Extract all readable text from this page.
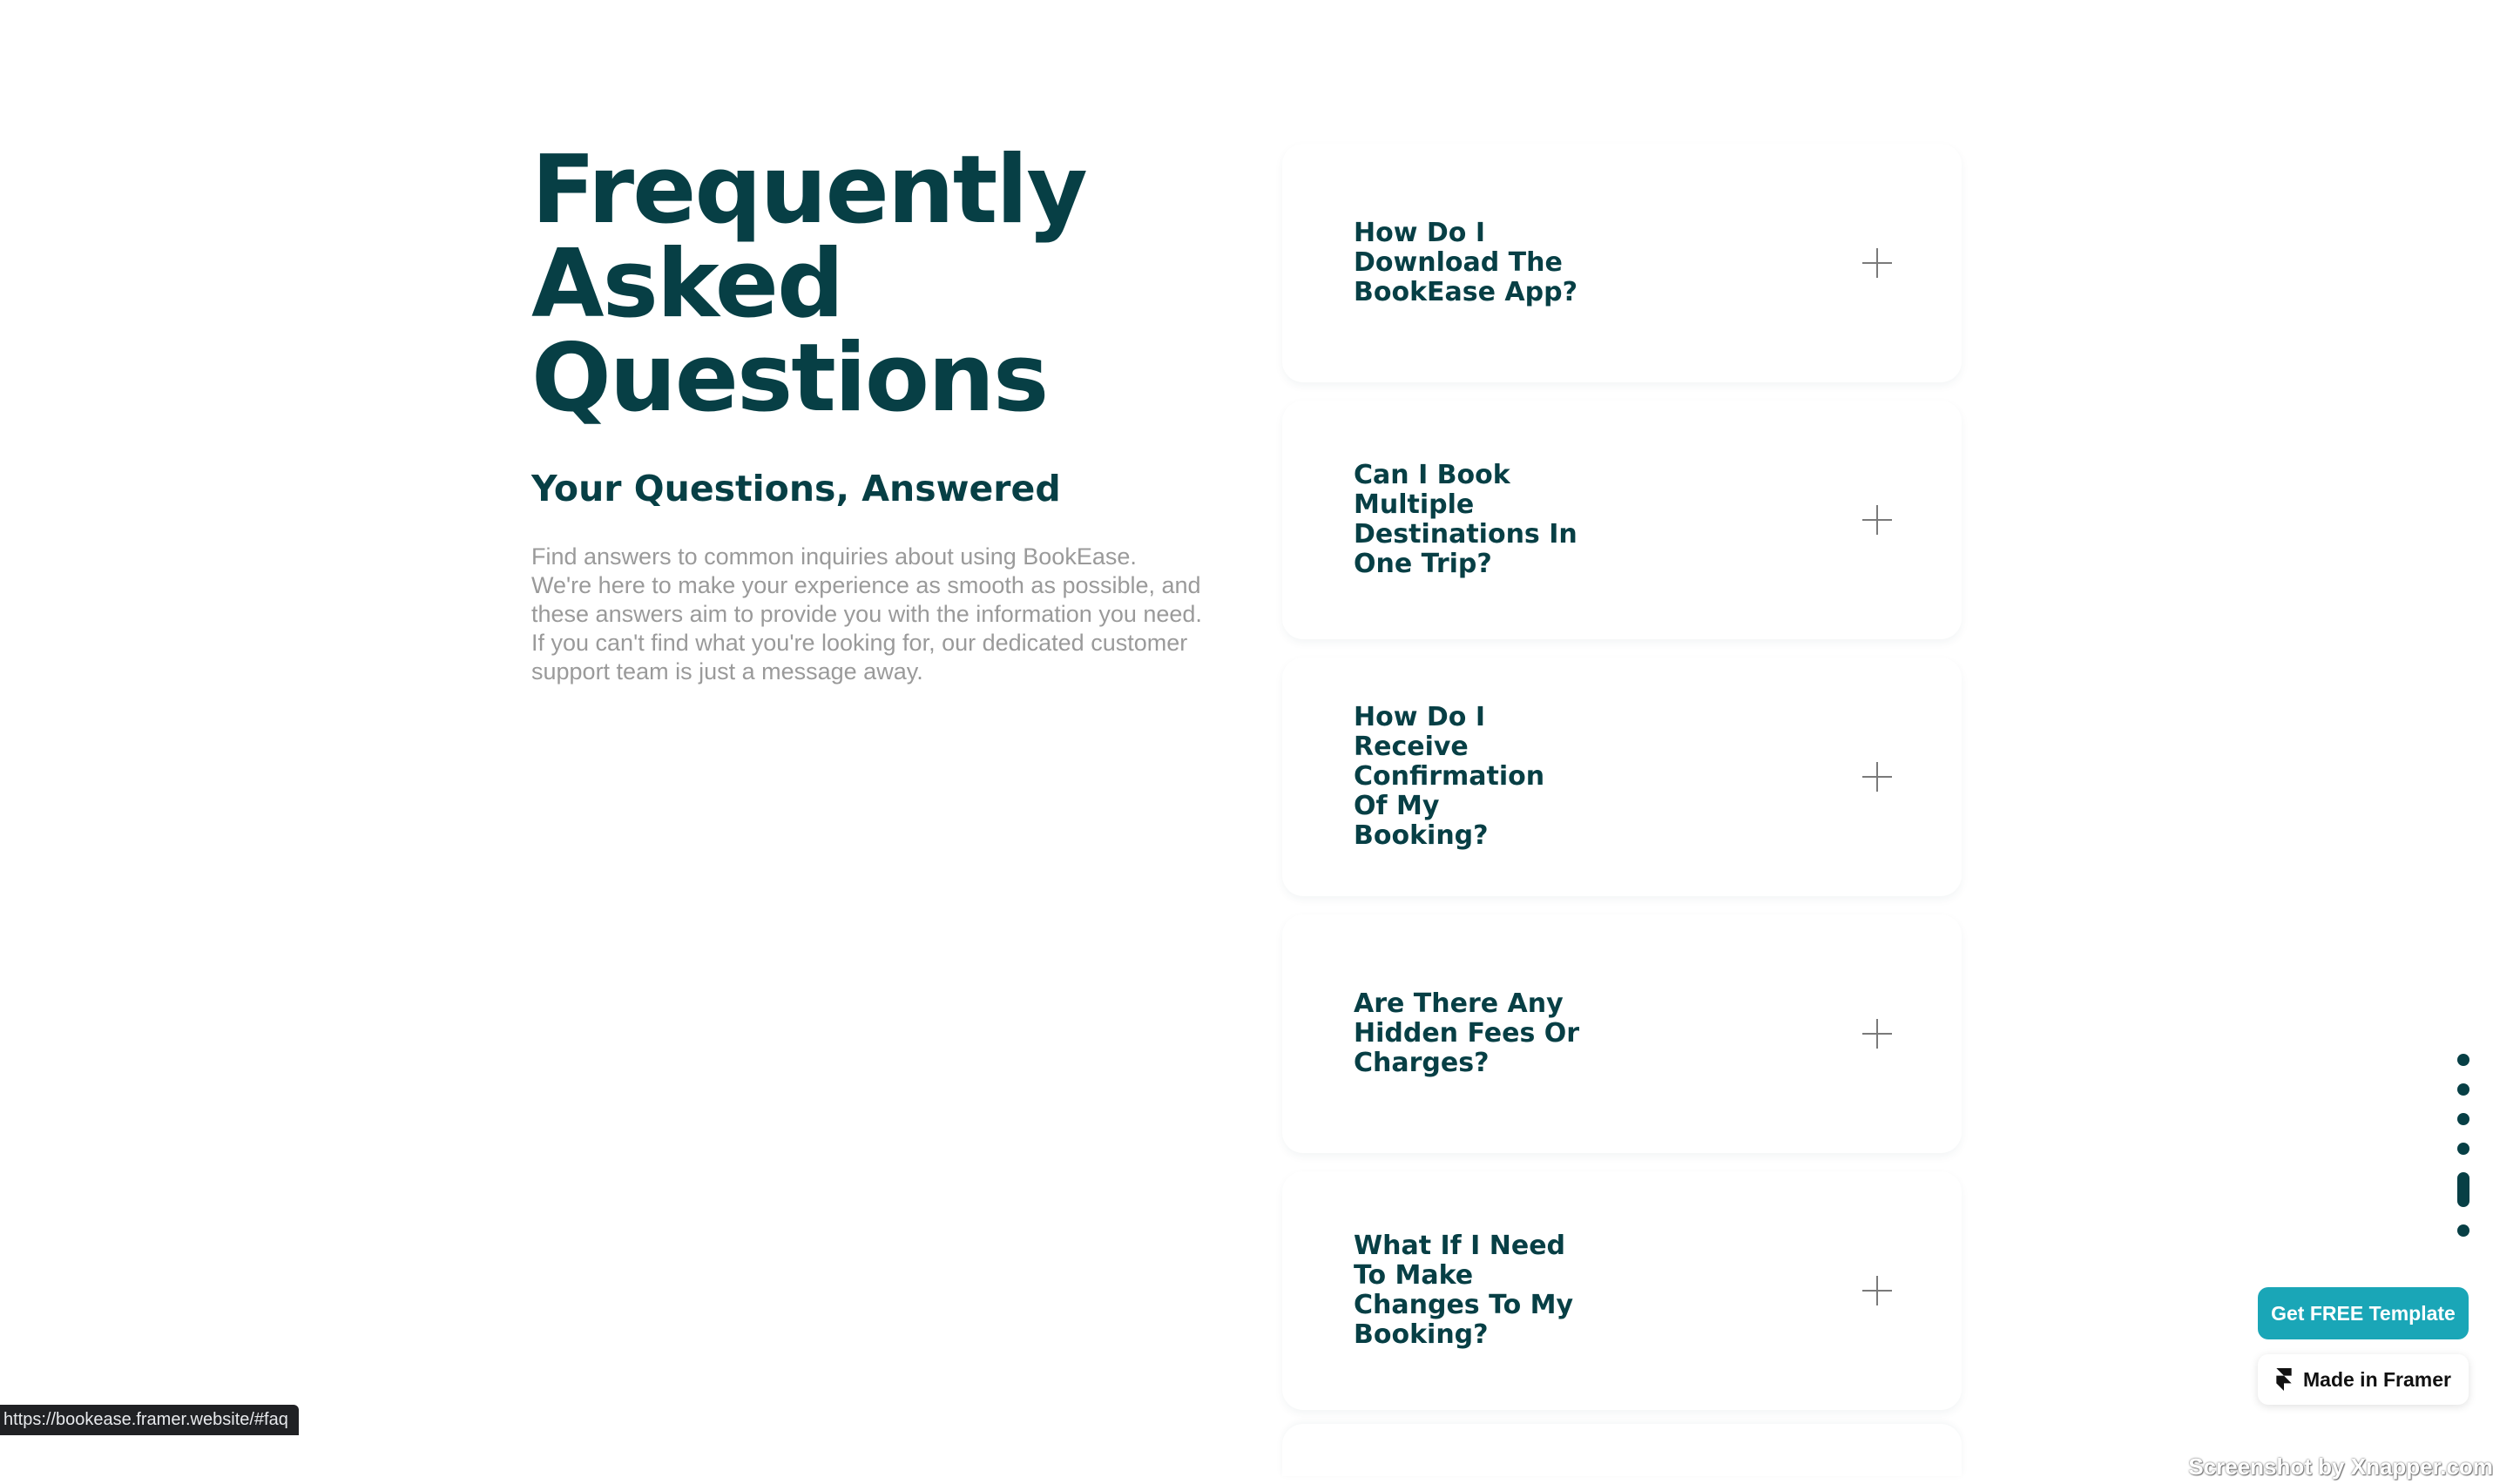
Frequently
Asked
Questions
Your Questions, Answered

Find answers to common inquiries about using BookEase. We're here to make your experience as smooth as possible, and these answers aim to provide you with the information you need. If you can't find what you're looking for, our dedicated customer support team is just a message away.

How Do I Download The BookEase App?
Can I Book Multiple Destinations In One Trip?
How Do I Receive Confirmation Of My Booking?
Are There Any Hidden Fees Or Charges?
What If I Need To Make Changes To My Booking?
Get FREE Template
Made in Framer
https://bookease.framer.website/#faq
Screenshot by Xnapper.com
